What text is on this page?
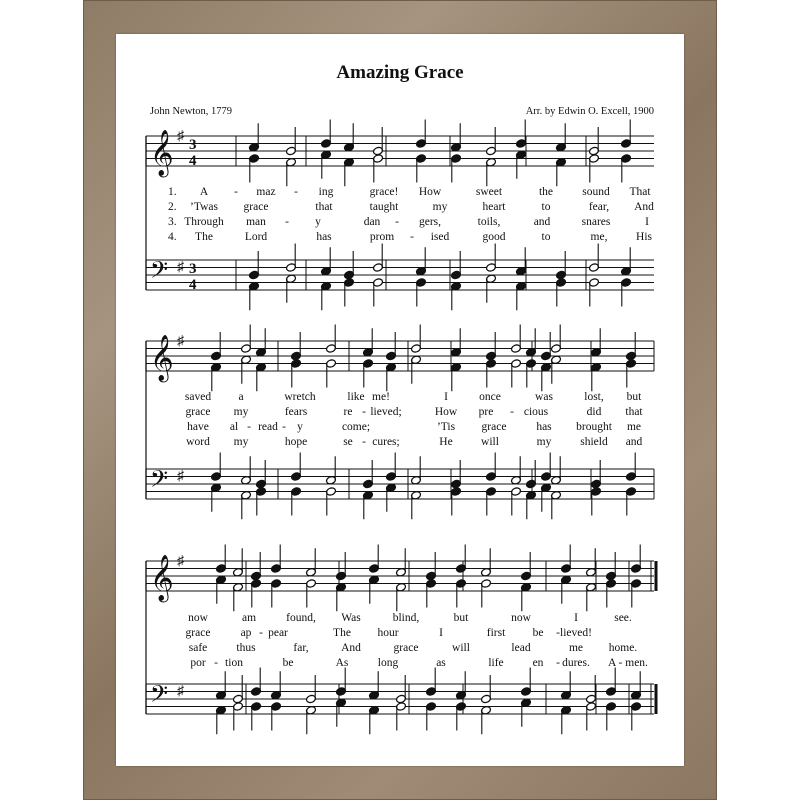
Amazing Grace
John Newton, 1779	Arr. by Edwin O. Excell, 1900
𝄞 ♯
𝄢 ♯
3
4
3
4
𝄞 ♯
𝄢 ♯
𝄞 ♯
𝄢 ♯
1. A - maz - ing	grace! How	sweet	the	sound That
2. ’Twas grace	that	taught	my	heart	to	fear, And
3. Through man - y	dan - gers,	toils,	and	snares	I
4. The	Lord	has	prom - ised	good	to	me, His
saved a	wretch	like me!	I	once	was	lost, but
grace my	fears	re - lieved;	How pre - cious	did that
have al - read - y	come;	’Tis grace	has brought me
word my	hope	se - cures;	He will	my	shield and
now	am	found, Was	blind,	but	now	I	see.
grace	ap - pear	The hour	I	first be - lieved!
safe	thus	far,	And	grace	will	lead	me home.
por - tion	be	As	long	as	life	en - dures. A - men.
